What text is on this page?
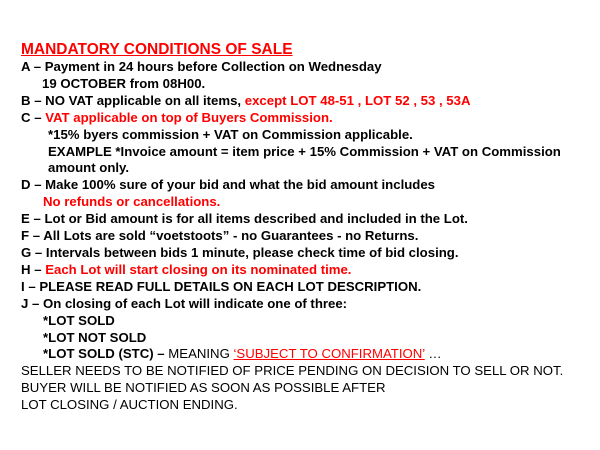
MANDATORY CONDITIONS OF SALE
A – Payment in 24 hours before Collection on Wednesday
19 OCTOBER from 08H00.
B – NO VAT applicable on all items, except LOT 48-51 , LOT 52 , 53 , 53A
C – VAT applicable on top of Buyers Commission.
*15% byers commission + VAT on Commission applicable.
EXAMPLE *Invoice amount = item price + 15% Commission + VAT on Commission
amount only.
D – Make 100% sure of your bid and what the bid amount includes
No refunds or cancellations.
E – Lot or Bid amount is for all items described and included in the Lot.
F – All Lots are sold “voetstoots” - no Guarantees - no Returns.
G – Intervals between bids 1 minute, please check time of bid closing.
H – Each Lot will start closing on its nominated time.
I – PLEASE READ FULL DETAILS ON EACH LOT DESCRIPTION.
J – On closing of each Lot will indicate one of three:
*LOT SOLD
*LOT NOT SOLD
*LOT SOLD (STC) – MEANING ‘SUBJECT TO CONFIRMATION’ …
SELLER NEEDS TO BE NOTIFIED OF PRICE PENDING ON DECISION TO SELL OR NOT.
BUYER WILL BE NOTIFIED AS SOON AS POSSIBLE AFTER
LOT CLOSING / AUCTION ENDING.
